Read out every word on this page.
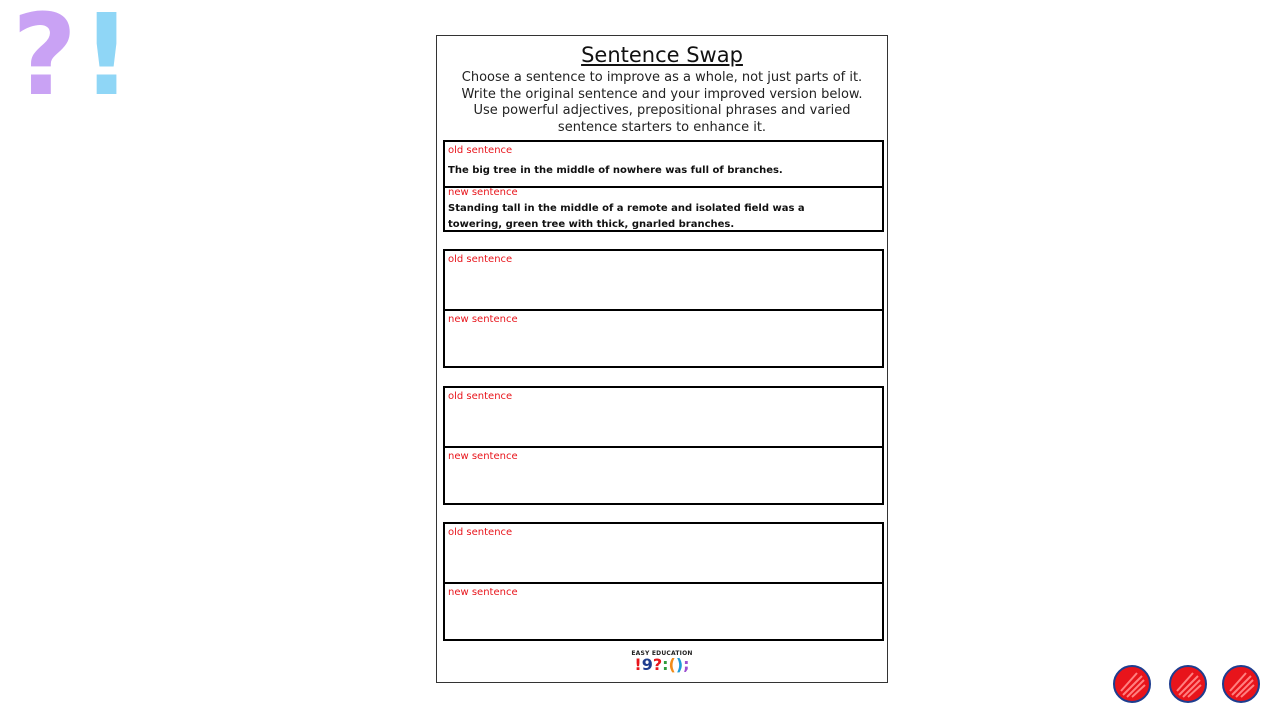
?!	Sentence Swap
Choose a sentence to improve as a whole, not just parts of it. Write the original sentence and your improved version below. Use powerful adjectives, prepositional phrases and varied sentence starters to enhance it.
old sentence
The big tree in the middle of nowhere was full of branches.
new sentence
Standing tall in the middle of a remote and isolated field was a towering, green tree with thick, gnarled branches.
old sentence
new sentence
old sentence
new sentence
old sentence
new sentence
EASY EDUCATION
!9?:();
